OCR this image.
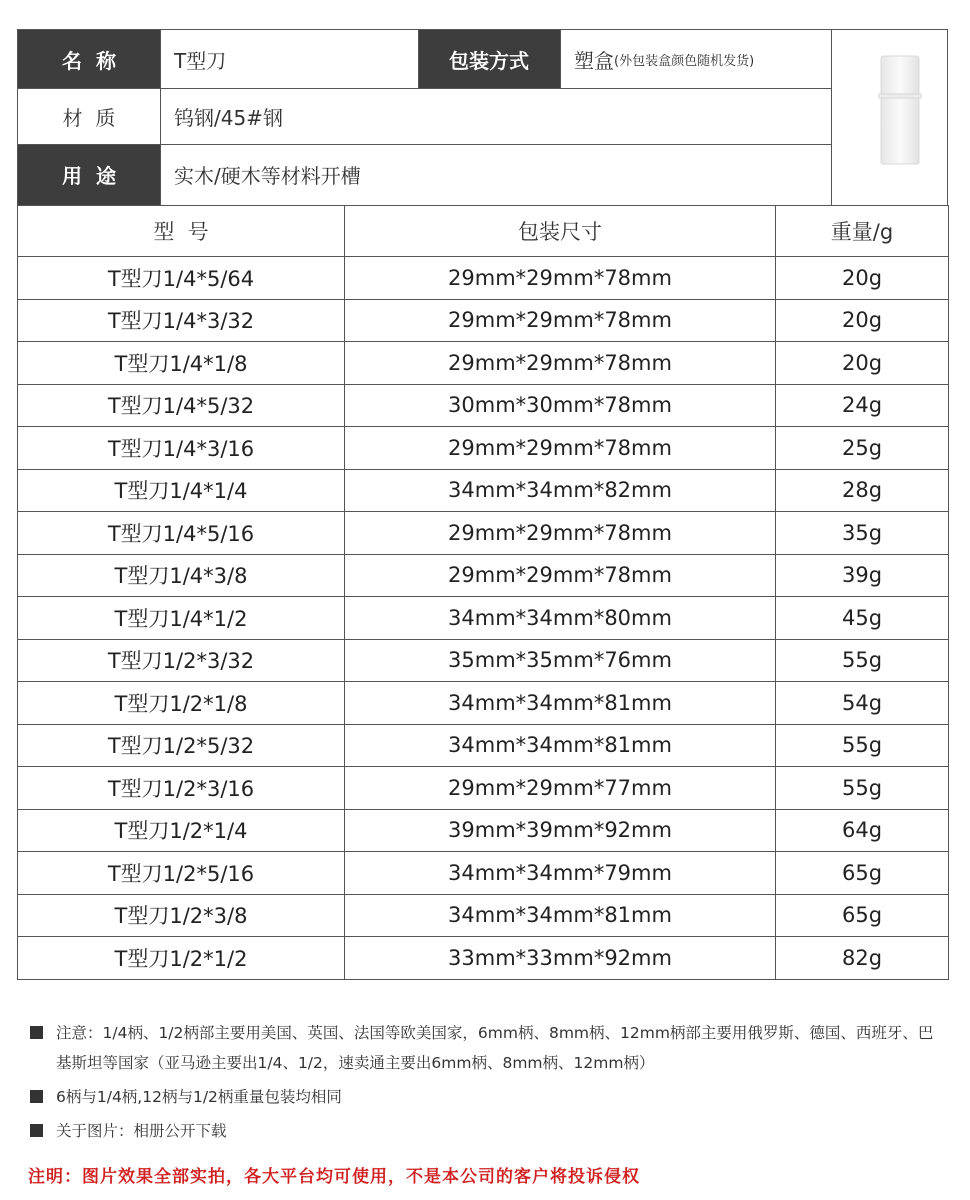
名  称	T型刀	包装方式 塑盒 (外包装盒颜色随机发货)
材  质	钨钢/45#钢
用  途	实木/硬木等材料开槽
型  号	包装尺寸	重量/g
T型刀1/4*5/64	29mm*29mm*78mm	20g
T型刀1/4*3/32	29mm*29mm*78mm	20g
T型刀1/4*1/8	29mm*29mm*78mm	20g
T型刀1/4*5/32	30mm*30mm*78mm	24g
T型刀1/4*3/16	29mm*29mm*78mm	25g
T型刀1/4*1/4	34mm*34mm*82mm	28g
T型刀1/4*5/16	29mm*29mm*78mm	35g
T型刀1/4*3/8	29mm*29mm*78mm	39g
T型刀1/4*1/2	34mm*34mm*80mm	45g
T型刀1/2*3/32	35mm*35mm*76mm	55g
T型刀1/2*1/8	34mm*34mm*81mm	54g
T型刀1/2*5/32	34mm*34mm*81mm	55g
T型刀1/2*3/16	29mm*29mm*77mm	55g
T型刀1/2*1/4	39mm*39mm*92mm	64g
T型刀1/2*5/16	34mm*34mm*79mm	65g
T型刀1/2*3/8	34mm*34mm*81mm	65g
T型刀1/2*1/2	33mm*33mm*92mm	82g
注意：1/4柄、1/2柄部主要用美国、英国、法国等欧美国家，6mm柄、8mm柄、12mm柄部主要用俄罗斯、德国、西班牙、巴基斯坦等国家（亚马逊主要出1/4、1/2，速卖通主要出6mm柄、8mm柄、12mm柄）
6柄与1/4柄,12柄与1/2柄重量包装均相同
关于图片：相册公开下载
注明：图片效果全部实拍，各大平台均可使用，不是本公司的客户将投诉侵权
